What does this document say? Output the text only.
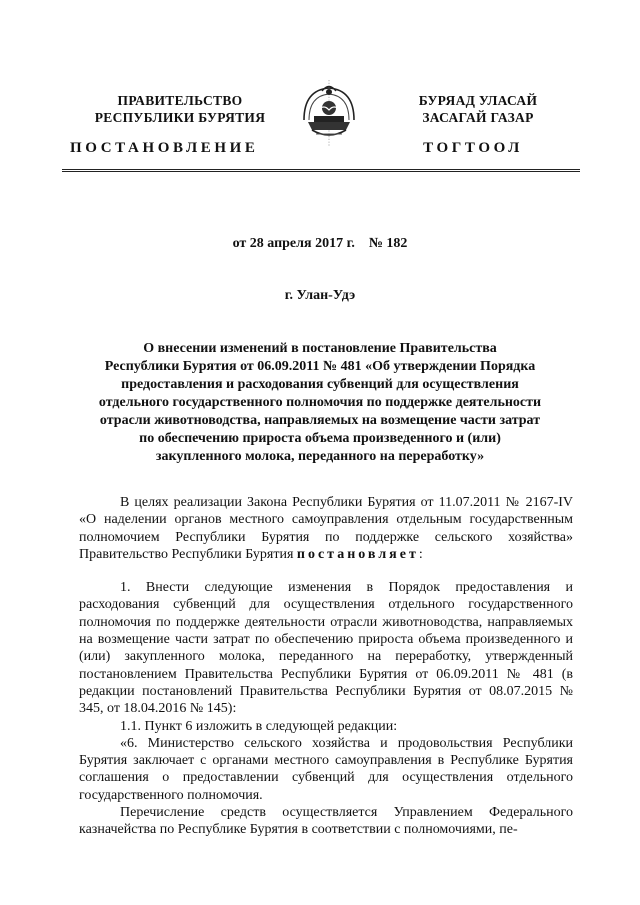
ПРАВИТЕЛЬСТВО
РЕСПУБЛИКИ БУРЯТИЯ
БУРЯАД УЛАСАЙ
ЗАСАГАЙ ГАЗАР
ПОСТАНОВЛЕНИЕ	ТОГТООЛ
от 28 апреля 2017 г. № 182
г. Улан-Удэ
О внесении изменений в постановление Правительства
Республики Бурятия от 06.09.2011 № 481 «Об утверждении Порядка
предоставления и расходования субвенций для осуществления
отдельного государственного полномочия по поддержке деятельности
отрасли животноводства, направляемых на возмещение части затрат
по обеспечению прироста объема произведенного и (или)
закупленного молока, переданного на переработку»

В целях реализации Закона Республики Бурятия от 11.07.2011 № 2167-IV «О наделении органов местного самоуправления отдельным государственным полномочием Республики Бурятия по поддержке сельского хозяйства» Правительство Республики Бурятия постановляет:

1. Внести следующие изменения в Порядок предоставления и расходования субвенций для осуществления отдельного государственного полномочия по поддержке деятельности отрасли животноводства, направляемых на возмещение части затрат по обеспечению прироста объема произведенного и (или) закупленного молока, переданного на переработку, утвержденный постановлением Правительства Республики Бурятия от 06.09.2011 № 481 (в редакции постановлений Правительства Республики Бурятия от 08.07.2015 № 345, от 18.04.2016 № 145):

1.1. Пункт 6 изложить в следующей редакции:

«6. Министерство сельского хозяйства и продовольствия Республики Бурятия заключает с органами местного самоуправления в Республике Бурятия соглашения о предоставлении субвенций для осуществления отдельного государственного полномочия.

Перечисление средств осуществляется Управлением Федерального казначейства по Республике Бурятия в соответствии с полномочиями, пе-
